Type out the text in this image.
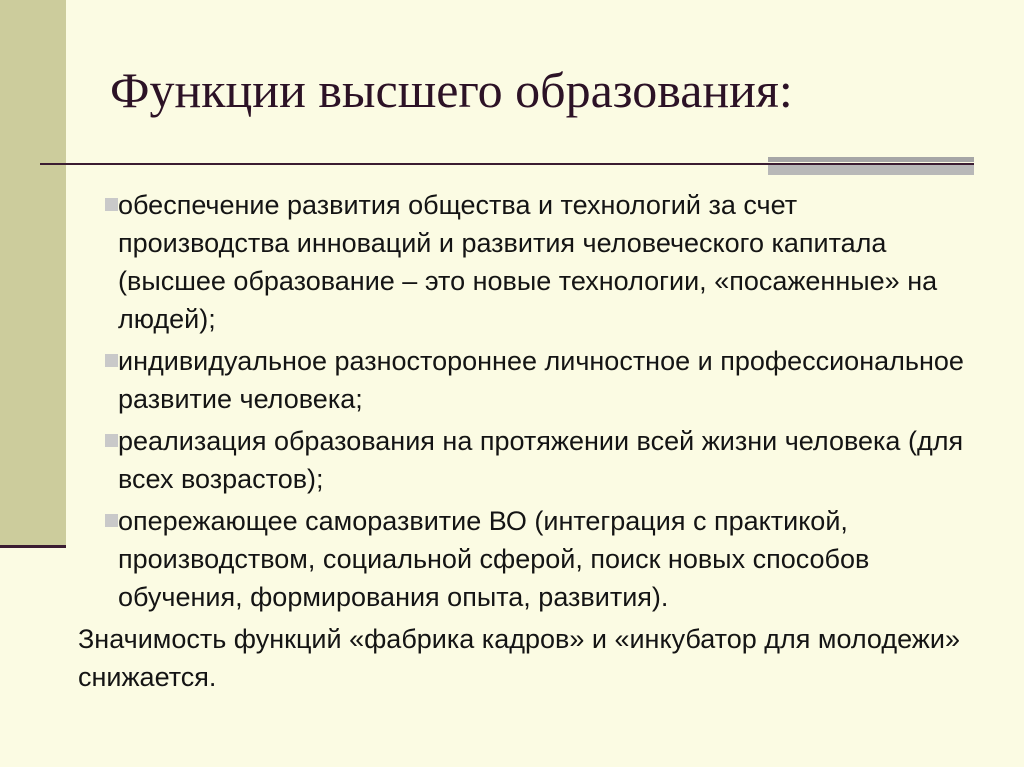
Функции высшего образования:
обеспечение развития общества и технологий за счет производства инноваций и развития человеческого капитала (высшее образование – это новые технологии, «посаженные» на людей);
индивидуальное разностороннее личностное и профессиональное развитие человека;
реализация образования на протяжении всей жизни человека (для всех возрастов);
опережающее саморазвитие ВО (интеграция с практикой, производством, социальной сферой, поиск новых способов обучения, формирования опыта, развития).
Значимость функций «фабрика кадров» и «инкубатор для молодежи» снижается.
